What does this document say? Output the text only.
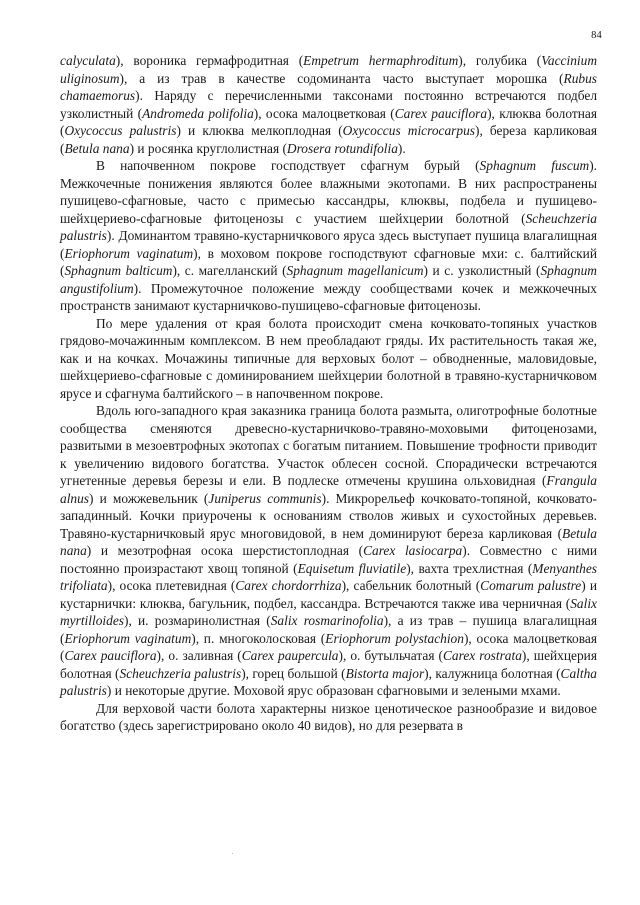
84

calyculata), вороника гермафродитная (Empetrum hermaphroditum), голубика (Vaccinium uliginosum), а из трав в качестве содоминанта часто выступает морошка (Rubus chamaemorus). Наряду с перечисленными таксонами постоянно встречаются подбел узколистный (Andromeda polifolia), осока малоцветковая (Carex pauciflora), клюква болотная (Oxycoccus palustris) и клюква мелкоплодная (Oxycoccus microcarpus), береза карликовая (Betula nana) и росянка круглолистная (Drosera rotundifolia).

В напочвенном покрове господствует сфагнум бурый (Sphagnum fuscum). Межкочечные понижения являются более влажными экотопами. В них распространены пушицево-сфагновые, часто с примесью кассандры, клюквы, подбела и пушицево-шейхцериево-сфагновые фитоценозы с участием шейхцерии болотной (Scheuchzeria palustris). Доминантом травяно-кустарничкового яруса здесь выступает пушица влагалищная (Eriophorum vaginatum), в моховом покрове господствуют сфагновые мхи: с. балтийский (Sphagnum balticum), с. магелланский (Sphagnum magellanicum) и с. узколистный (Sphagnum angustifolium). Промежуточное положение между сообществами кочек и межкочечных пространств занимают кустарничково-пушицево-сфагновые фитоценозы.

По мере удаления от края болота происходит смена кочковато-топяных участков грядово-мочажинным комплексом. В нем преобладают гряды. Их растительность такая же, как и на кочках. Мочажины типичные для верховых болот – обводненные, маловидовые, шейхцериево-сфагновые с доминированием шейхцерии болотной в травяно-кустарничковом ярусе и сфагнума балтийского – в напочвенном покрове.

Вдоль юго-западного края заказника граница болота размыта, олиготрофные болотные сообщества сменяются древесно-кустарничково-травяно-моховыми фитоценозами, развитыми в мезоевтрофных экотопах с богатым питанием. Повышение трофности приводит к увеличению видового богатства. Участок облесен сосной. Спорадически встречаются угнетенные деревья березы и ели. В подлеске отмечены крушина ольховидная (Frangula alnus) и можжевельник (Juniperus communis). Микрорельеф кочковато-топяной, кочковато-западинный. Кочки приурочены к основаниям стволов живых и сухостойных деревьев. Травяно-кустарничковый ярус многовидовой, в нем доминируют береза карликовая (Betula nana) и мезотрофная осока шерстистоплодная (Carex lasiocarpa). Совместно с ними постоянно произрастают хвощ топяной (Equisetum fluviatile), вахта трехлистная (Menyanthes trifoliata), осока плетевидная (Carex chordorrhiza), сабельник болотный (Comarum palustre) и кустарнички: клюква, багульник, подбел, кассандра. Встречаются также ива черничная (Salix myrtilloides), и. розмаринолистная (Salix rosmarinofolia), а из трав – пушица влагалищная (Eriophorum vaginatum), п. многоколосковая (Eriophorum polystachion), осока малоцветковая (Carex pauciflora), о. заливная (Carex paupercula), о. бутыльчатая (Carex rostrata), шейхцерия болотная (Scheuchzeria palustris), горец большой (Bistorta major), калужница болотная (Caltha palustris) и некоторые другие. Моховой ярус образован сфагновыми и зелеными мхами.

Для верховой части болота характерны низкое ценотическое разнообразие и видовое богатство (здесь зарегистрировано около 40 видов), но для резервата в
